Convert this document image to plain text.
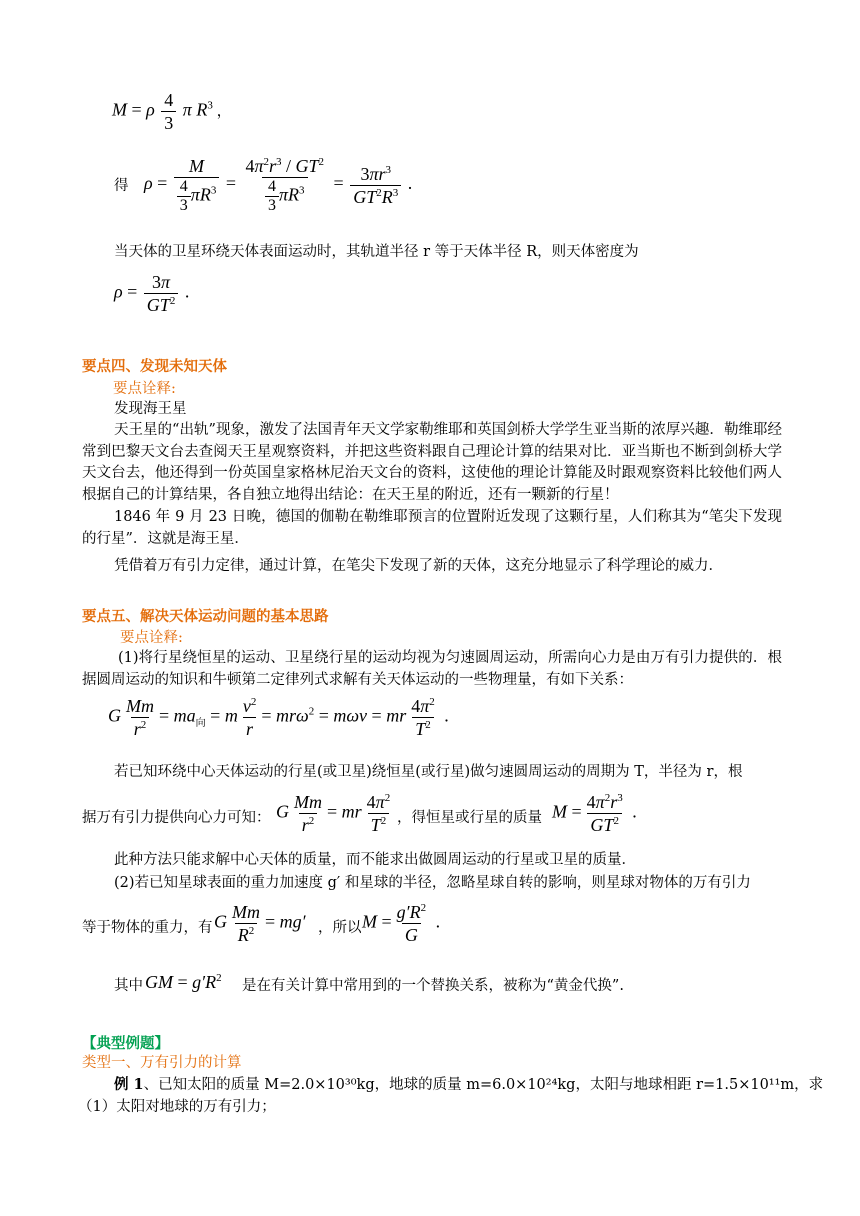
M = ρ $\frac{4}{3}$ π $R^3$ ，
得 $\rho = \frac{M}{\frac{4}{3} \pi R^3} = \frac{4\pi^2r^3 / GT^2}{\frac{4}{3} \pi R^3} = \frac{3\pi r^3}{GT^2R^3}$ .
当天体的卫星环绕天体表面运动时，其轨道半径 r 等于天体半径 R，则天体密度为
$\rho = \frac{3\pi}{GT^2}$ .
要点四、发现未知天体
要点诠释:
发现海王星
天王星的“出轨”现象，激发了法国青年天文学家勒维耶和英国剑桥大学学生亚当斯的浓厚兴趣．勒维耶经常到巴黎天文台去查阅天王星观察资料，并把这些资料跟自己理论计算的结果对比．亚当斯也不断到剑桥大学天文台去，他还得到一份英国皇家格林尼治天文台的资料，这使他的理论计算能及时跟观察资料比较他们两人根据自己的计算结果，各自独立地得出结论：在天王星的附近，还有一颗新的行星！
1846 年 9 月 23 日晚，德国的伽勒在勒维耶预言的位置附近发现了这颗行星，人们称其为“笔尖下发现的行星”．这就是海王星．
凭借着万有引力定律，通过计算，在笔尖下发现了新的天体，这充分地显示了科学理论的威力．
要点五、解决天体运动问题的基本思路
要点诠释:
(1)将行星绕恒星的运动、卫星绕行星的运动均视为匀速圆周运动，所需向心力是由万有引力提供的．根据圆周运动的知识和牛顿第二定律列式求解有关天体运动的一些物理量，有如下关系：
G $\frac{Mm}{r^2} = ma_向 = m \frac{v^2}{r} = mr\omega^2 = m\omega v$ = mr $\frac{4\pi^2}{T^2}$ .
若已知环绕中心天体运动的行星(或卫星)绕恒星(或行星)做匀速圆周运动的周期为 T，半径为 r，根
据万有引力提供向心力可知： G $\frac{Mm}{r^2}$ = mr $\frac{4\pi^2}{T^2}$ ，得恒星或行星的质量 $M = \frac{4\pi^2r^3}{GT^2}$ .
此种方法只能求解中心天体的质量，而不能求出做圆周运动的行星或卫星的质量．
(2)若已知星球表面的重力加速度 g′ 和星球的半径，忽略星球自转的影响，则星球对物体的万有引力
等于物体的重力，有 G $\frac{Mm}{R^2} = mg'$ ，所以 $M = \frac{g'R^2}{G}$ .
其中 GM = $g'R^2$ 是在有关计算中常用到的一个替换关系，被称为“黄金代换”.
【典型例题】
类型一、万有引力的计算
例 1、已知太阳的质量 M=2.0×10³⁰kg，地球的质量 m=6.0×10²⁴kg，太阳与地球相距 r=1.5×10¹¹m，求
（1）太阳对地球的万有引力；
